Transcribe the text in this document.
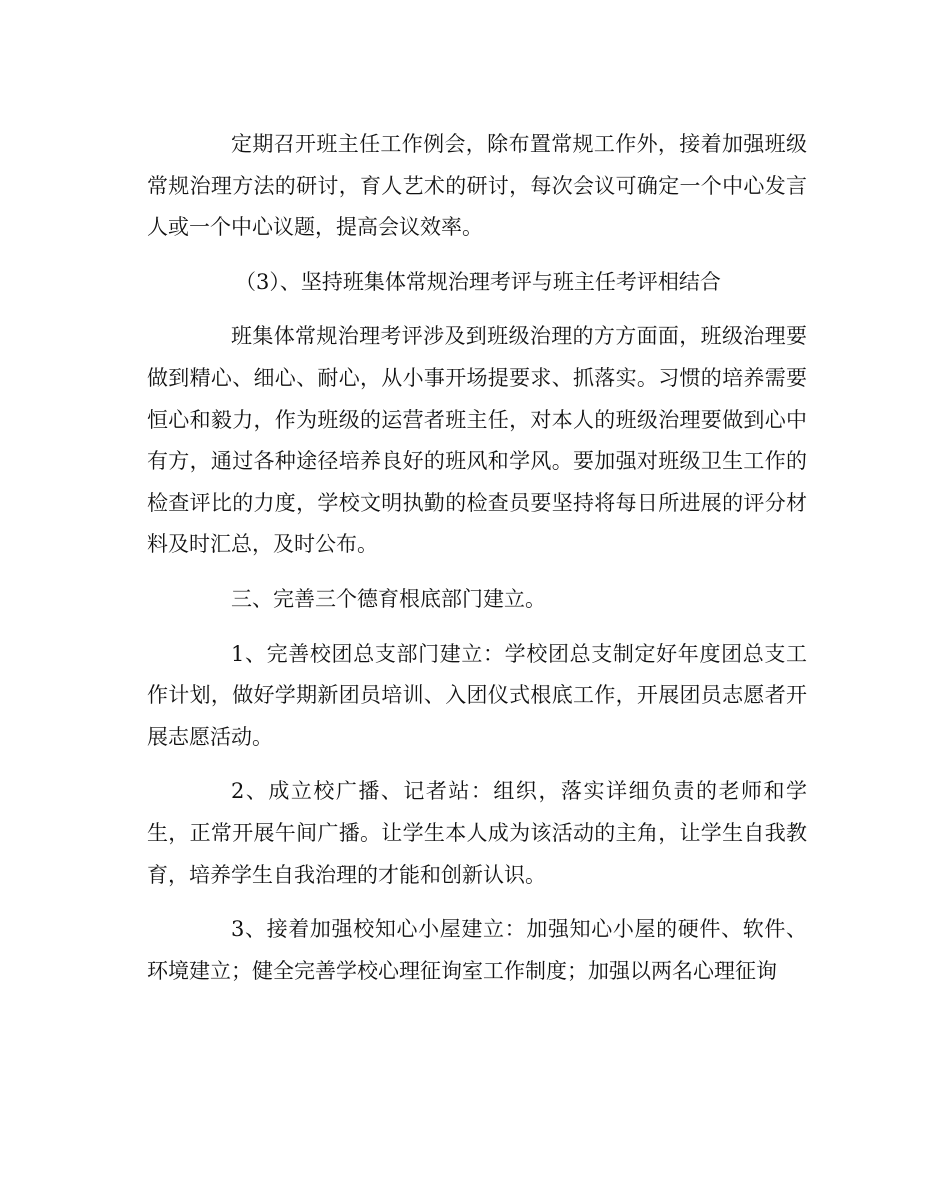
定期召开班主任工作例会，除布置常规工作外，接着加强班级常规治理方法的研讨，育人艺术的研讨，每次会议可确定一个中心发言人或一个中心议题，提高会议效率。

（3）、坚持班集体常规治理考评与班主任考评相结合

班集体常规治理考评涉及到班级治理的方方面面，班级治理要做到精心、细心、耐心，从小事开场提要求、抓落实。习惯的培养需要恒心和毅力，作为班级的运营者班主任，对本人的班级治理要做到心中有方，通过各种途径培养良好的班风和学风。要加强对班级卫生工作的检查评比的力度，学校文明执勤的检查员要坚持将每日所进展的评分材料及时汇总，及时公布。

三、完善三个德育根底部门建立。

1、完善校团总支部门建立：学校团总支制定好年度团总支工作计划，做好学期新团员培训、入团仪式根底工作，开展团员志愿者开展志愿活动。

2、成立校广播、记者站：组织，落实详细负责的老师和学生，正常开展午间广播。让学生本人成为该活动的主角，让学生自我教育，培养学生自我治理的才能和创新认识。

3、接着加强校知心小屋建立：加强知心小屋的硬件、软件、环境建立；健全完善学校心理征询室工作制度；加强以两名心理征询
